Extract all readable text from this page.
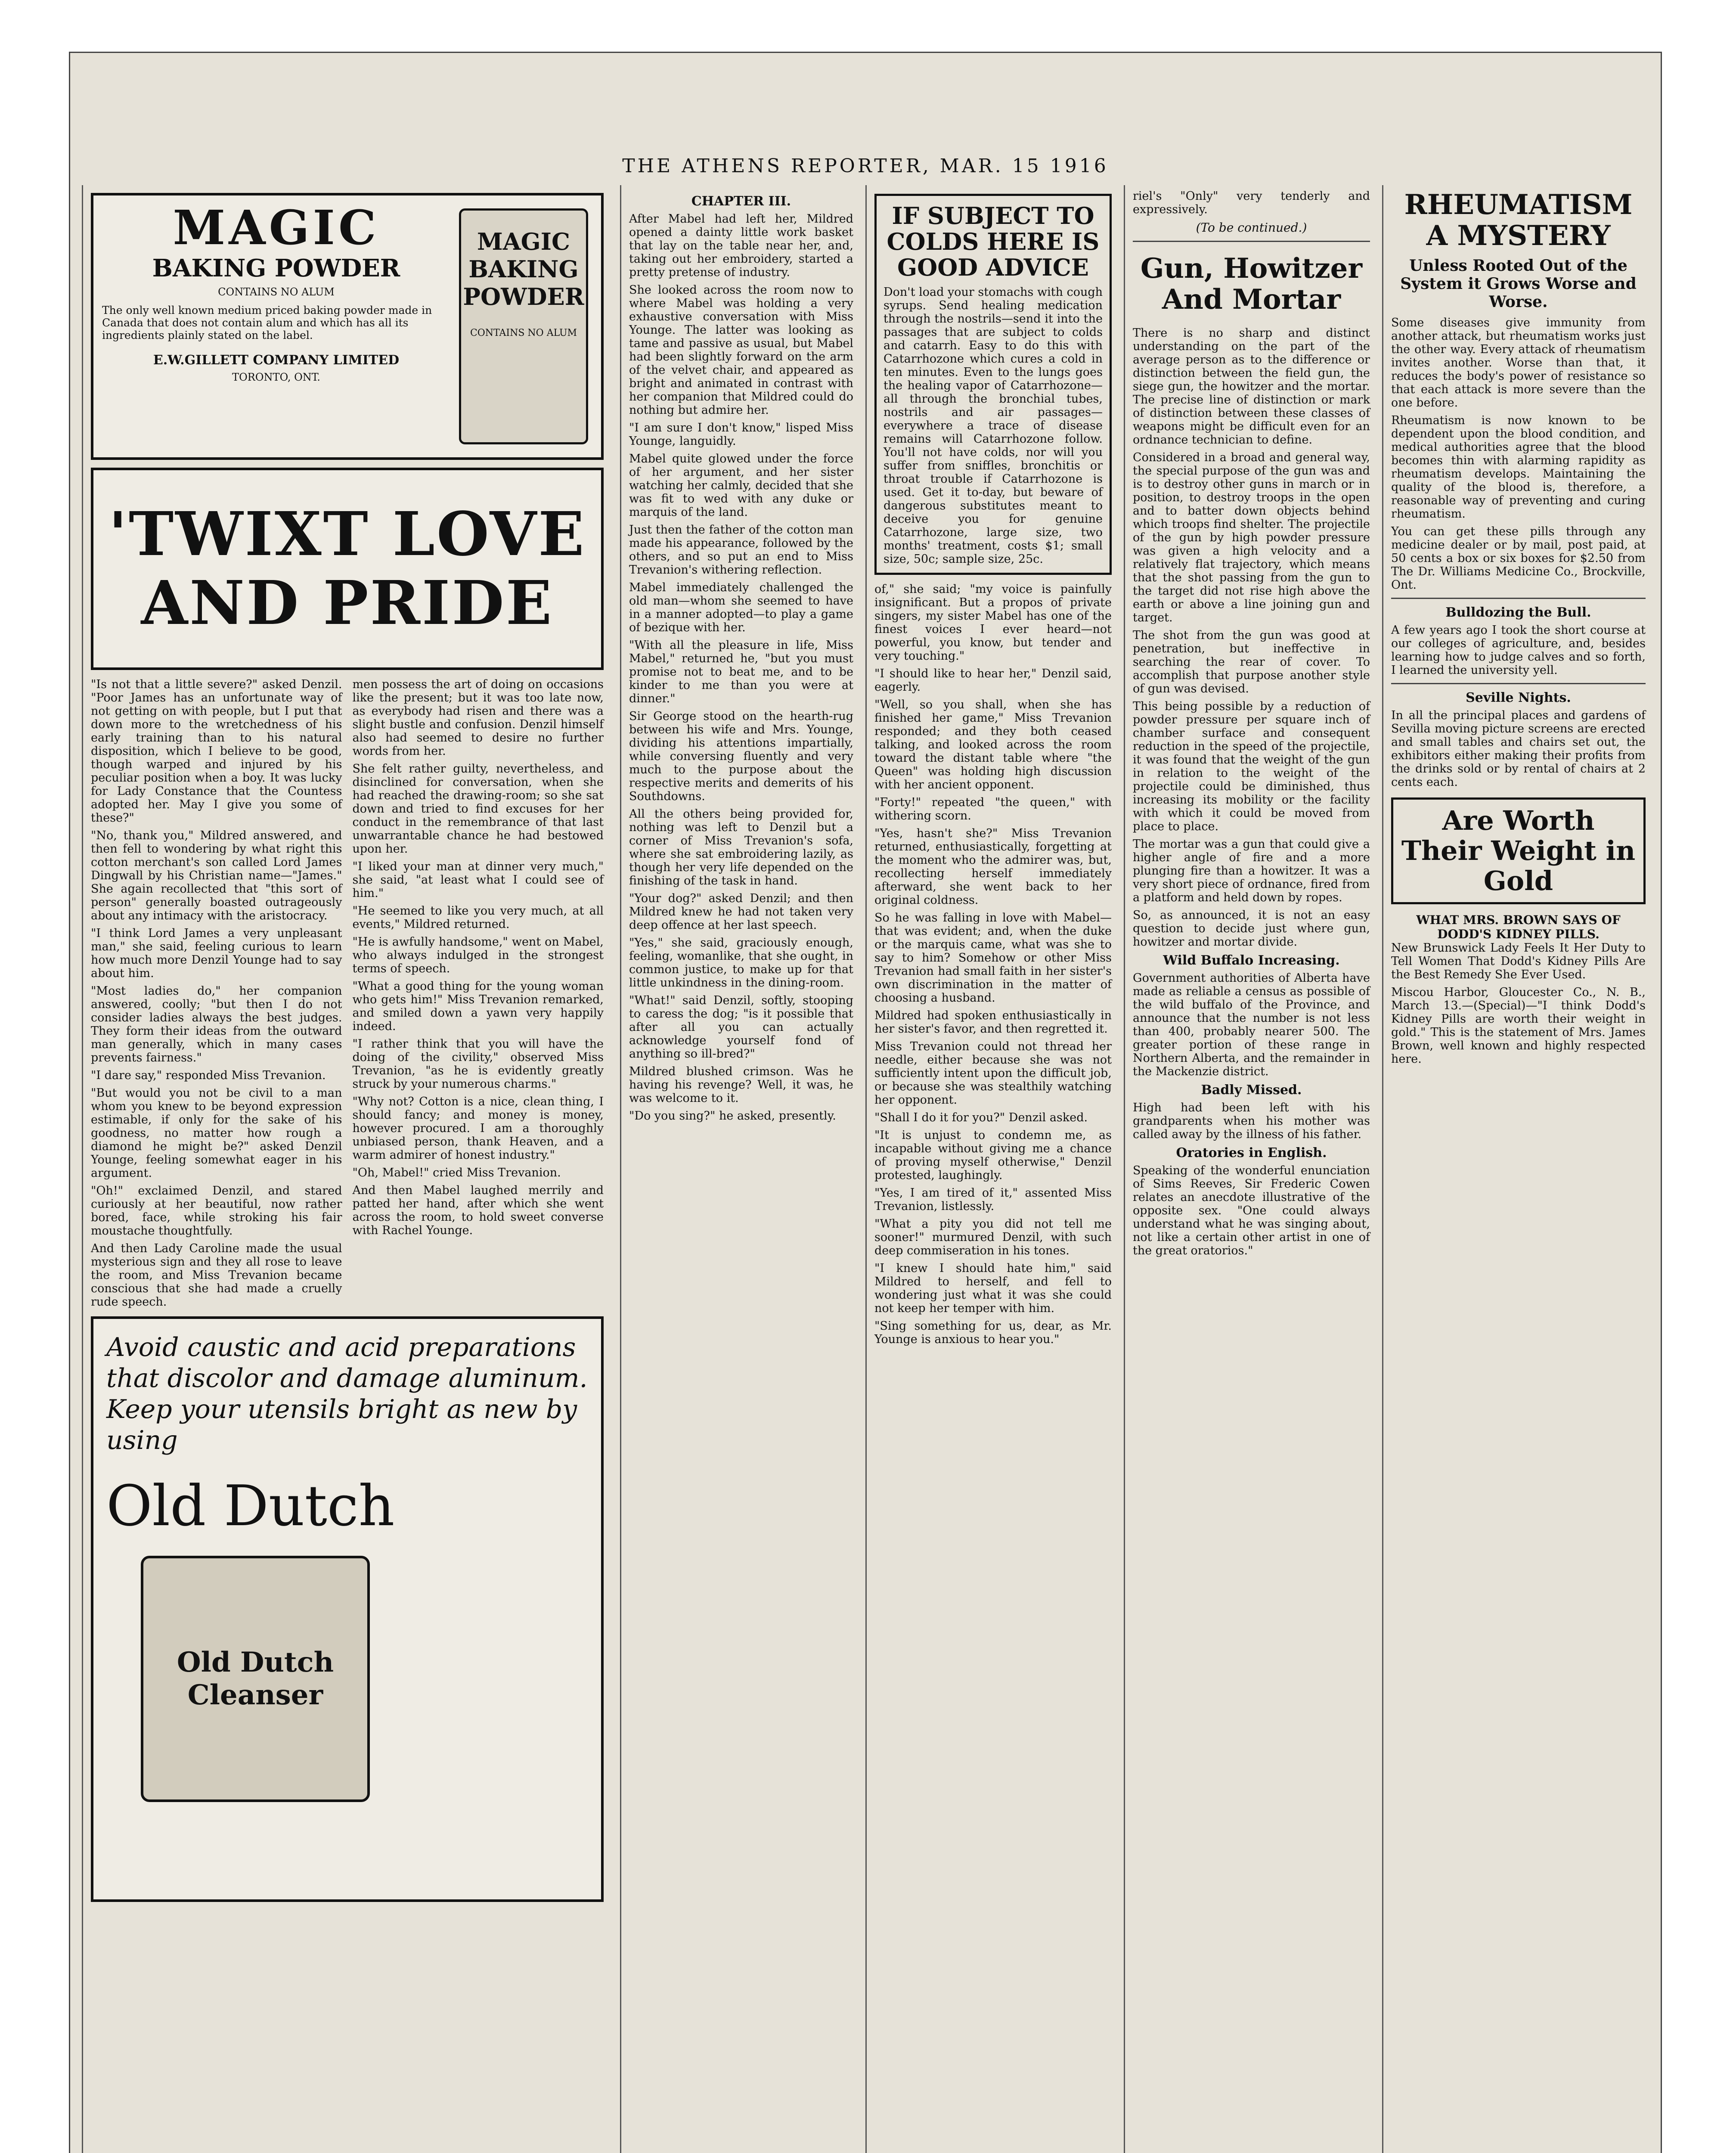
THE ATHENS REPORTER, MAR. 15 1916
MAGIC
BAKING POWDER
CONTAINS NO ALUM
The only well known medium priced baking powder made in Canada that does not contain alum and which has all its ingredients plainly stated on the label.
E.W.GILLETT COMPANY LIMITED
TORONTO, ONT.
MAGIC
BAKING
POWDER
CONTAINS NO ALUM
'TWIXT LOVE AND PRIDE

"Is not that a little severe?" asked Denzil. "Poor James has an unfortunate way of not getting on with people, but I put that down more to the wretchedness of his early training than to his natural disposition, which I believe to be good, though warped and injured by his peculiar position when a boy. It was lucky for Lady Constance that the Countess adopted her. May I give you some of these?"

"No, thank you," Mildred answered, and then fell to wondering by what right this cotton merchant's son called Lord James Dingwall by his Christian name—"James." She again recollected that "this sort of person" generally boasted outrageously about any intimacy with the aristocracy.

"I think Lord James a very unpleasant man," she said, feeling curious to learn how much more Denzil Younge had to say about him.

"Most ladies do," her companion answered, coolly; "but then I do not consider ladies always the best judges. They form their ideas from the outward man generally, which in many cases prevents fairness."

"I dare say," responded Miss Trevanion.

"But would you not be civil to a man whom you knew to be beyond expression estimable, if only for the sake of his goodness, no matter how rough a diamond he might be?" asked Denzil Younge, feeling somewhat eager in his argument.

"Oh!" exclaimed Denzil, and stared curiously at her beautiful, now rather bored, face, while stroking his fair moustache thoughtfully.

And then Lady Caroline made the usual mysterious sign and they all rose to leave the room, and Miss Trevanion became conscious that she had made a cruelly rude speech.

men possess the art of doing on occasions like the present; but it was too late now, as everybody had risen and there was a slight bustle and confusion. Denzil himself also had seemed to desire no further words from her.

She felt rather guilty, nevertheless, and disinclined for conversation, when she had reached the drawing-room; so she sat down and tried to find excuses for her conduct in the remembrance of that last unwarrantable chance he had bestowed upon her.

"I liked your man at dinner very much," she said, "at least what I could see of him."

"He seemed to like you very much, at all events," Mildred returned.

"He is awfully handsome," went on Mabel, who always indulged in the strongest terms of speech.

"What a good thing for the young woman who gets him!" Miss Trevanion remarked, and smiled down a yawn very happily indeed.

"I rather think that you will have the doing of the civility," observed Miss Trevanion, "as he is evidently greatly struck by your numerous charms."

"Why not? Cotton is a nice, clean thing, I should fancy; and money is money, however procured. I am a thoroughly unbiased person, thank Heaven, and a warm admirer of honest industry."

"Oh, Mabel!" cried Miss Trevanion.

And then Mabel laughed merrily and patted her hand, after which she went across the room, to hold sweet converse with Rachel Younge.

Avoid caustic and acid preparations that discolor and damage aluminum. Keep your utensils bright as new by using
Old Dutch
Old Dutch Cleanser
CHAPTER III.

After Mabel had left her, Mildred opened a dainty little work basket that lay on the table near her, and, taking out her embroidery, started a pretty pretense of industry.

She looked across the room now to where Mabel was holding a very exhaustive conversation with Miss Younge. The latter was looking as tame and passive as usual, but Mabel had been slightly forward on the arm of the velvet chair, and appeared as bright and animated in contrast with her companion that Mildred could do nothing but admire her.

"I am sure I don't know," lisped Miss Younge, languidly.

Mabel quite glowed under the force of her argument, and her sister watching her calmly, decided that she was fit to wed with any duke or marquis of the land.

Just then the father of the cotton man made his appearance, followed by the others, and so put an end to Miss Trevanion's withering reflection.

Mabel immediately challenged the old man—whom she seemed to have in a manner adopted—to play a game of bezique with her.

"With all the pleasure in life, Miss Mabel," returned he, "but you must promise not to beat me, and to be kinder to me than you were at dinner."

Sir George stood on the hearth-rug between his wife and Mrs. Younge, dividing his attentions impartially, while conversing fluently and very much to the purpose about the respective merits and demerits of his Southdowns.

All the others being provided for, nothing was left to Denzil but a corner of Miss Trevanion's sofa, where she sat embroidering lazily, as though her very life depended on the finishing of the task in hand.

"Your dog?" asked Denzil; and then Mildred knew he had not taken very deep offence at her last speech.

"Yes," she said, graciously enough, feeling, womanlike, that she ought, in common justice, to make up for that little unkindness in the dining-room.

"What!" said Denzil, softly, stooping to caress the dog; "is it possible that after all you can actually acknowledge yourself fond of anything so ill-bred?"

Mildred blushed crimson. Was he having his revenge? Well, it was, he was welcome to it.

"Do you sing?" he asked, presently.

IF SUBJECT TO COLDS HERE IS GOOD ADVICE
Don't load your stomachs with cough syrups. Send healing medication through the nostrils—send it into the passages that are subject to colds and catarrh. Easy to do this with Catarrhozone which cures a cold in ten minutes. Even to the lungs goes the healing vapor of Catarrhozone—all through the bronchial tubes, nostrils and air passages—everywhere a trace of disease remains will Catarrhozone follow. You'll not have colds, nor will you suffer from sniffles, bronchitis or throat trouble if Catarrhozone is used. Get it to-day, but beware of dangerous substitutes meant to deceive you for genuine Catarrhozone, large size, two months' treatment, costs $1; small size, 50c; sample size, 25c.

of," she said; "my voice is painfully insignificant. But a propos of private singers, my sister Mabel has one of the finest voices I ever heard—not powerful, you know, but tender and very touching."

"I should like to hear her," Denzil said, eagerly.

"Well, so you shall, when she has finished her game," Miss Trevanion responded; and they both ceased talking, and looked across the room toward the distant table where "the Queen" was holding high discussion with her ancient opponent.

"Forty!" repeated "the queen," with withering scorn.

"Yes, hasn't she?" Miss Trevanion returned, enthusiastically, forgetting at the moment who the admirer was, but, recollecting herself immediately afterward, she went back to her original coldness.

So he was falling in love with Mabel—that was evident; and, when the duke or the marquis came, what was she to say to him? Somehow or other Miss Trevanion had small faith in her sister's own discrimination in the matter of choosing a husband.

Mildred had spoken enthusiastically in her sister's favor, and then regretted it.

Miss Trevanion could not thread her needle, either because she was not sufficiently intent upon the difficult job, or because she was stealthily watching her opponent.

"Shall I do it for you?" Denzil asked.

"It is unjust to condemn me, as incapable without giving me a chance of proving myself otherwise," Denzil protested, laughingly.

"Yes, I am tired of it," assented Miss Trevanion, listlessly.

"What a pity you did not tell me sooner!" murmured Denzil, with such deep commiseration in his tones.

"I knew I should hate him," said Mildred to herself, and fell to wondering just what it was she could not keep her temper with him.

"Sing something for us, dear, as Mr. Younge is anxious to hear you."

riel's "Only" very tenderly and expressively.

(To be continued.)
Gun, Howitzer And Mortar

There is no sharp and distinct understanding on the part of the average person as to the difference or distinction between the field gun, the siege gun, the howitzer and the mortar. The precise line of distinction or mark of distinction between these classes of weapons might be difficult even for an ordnance technician to define.

Considered in a broad and general way, the special purpose of the gun was and is to destroy other guns in march or in position, to destroy troops in the open and to batter down objects behind which troops find shelter. The projectile of the gun by high powder pressure was given a high velocity and a relatively flat trajectory, which means that the shot passing from the gun to the target did not rise high above the earth or above a line joining gun and target.

The shot from the gun was good at penetration, but ineffective in searching the rear of cover. To accomplish that purpose another style of gun was devised.

This being possible by a reduction of powder pressure per square inch of chamber surface and consequent reduction in the speed of the projectile, it was found that the weight of the gun in relation to the weight of the projectile could be diminished, thus increasing its mobility or the facility with which it could be moved from place to place.

The mortar was a gun that could give a higher angle of fire and a more plunging fire than a howitzer. It was a very short piece of ordnance, fired from a platform and held down by ropes.

So, as announced, it is not an easy question to decide just where gun, howitzer and mortar divide.

Wild Buffalo Increasing.

Government authorities of Alberta have made as reliable a census as possible of the wild buffalo of the Province, and announce that the number is not less than 400, probably nearer 500. The greater portion of these range in Northern Alberta, and the remainder in the Mackenzie district.

Badly Missed.

High had been left with his grandparents when his mother was called away by the illness of his father.

Oratories in English.

Speaking of the wonderful enunciation of Sims Reeves, Sir Frederic Cowen relates an anecdote illustrative of the opposite sex. "One could always understand what he was singing about, not like a certain other artist in one of the great oratorios."

RHEUMATISM A MYSTERY
Unless Rooted Out of the System it Grows Worse and Worse.

Some diseases give immunity from another attack, but rheumatism works just the other way. Every attack of rheumatism invites another. Worse than that, it reduces the body's power of resistance so that each attack is more severe than the one before.

Rheumatism is now known to be dependent upon the blood condition, and medical authorities agree that the blood becomes thin with alarming rapidity as rheumatism develops. Maintaining the quality of the blood is, therefore, a reasonable way of preventing and curing rheumatism.

You can get these pills through any medicine dealer or by mail, post paid, at 50 cents a box or six boxes for $2.50 from The Dr. Williams Medicine Co., Brockville, Ont.

Bulldozing the Bull.

A few years ago I took the short course at our colleges of agriculture, and, besides learning how to judge calves and so forth, I learned the university yell.

Seville Nights.

In all the principal places and gardens of Sevilla moving picture screens are erected and small tables and chairs set out, the exhibitors either making their profits from the drinks sold or by rental of chairs at 2 cents each.

Are Worth Their Weight in Gold
WHAT MRS. BROWN SAYS OF DODD'S KIDNEY PILLS.

New Brunswick Lady Feels It Her Duty to Tell Women That Dodd's Kidney Pills Are the Best Remedy She Ever Used.

Miscou Harbor, Gloucester Co., N. B., March 13.—(Special)—"I think Dodd's Kidney Pills are worth their weight in gold." This is the statement of Mrs. James Brown, well known and highly respected here.
